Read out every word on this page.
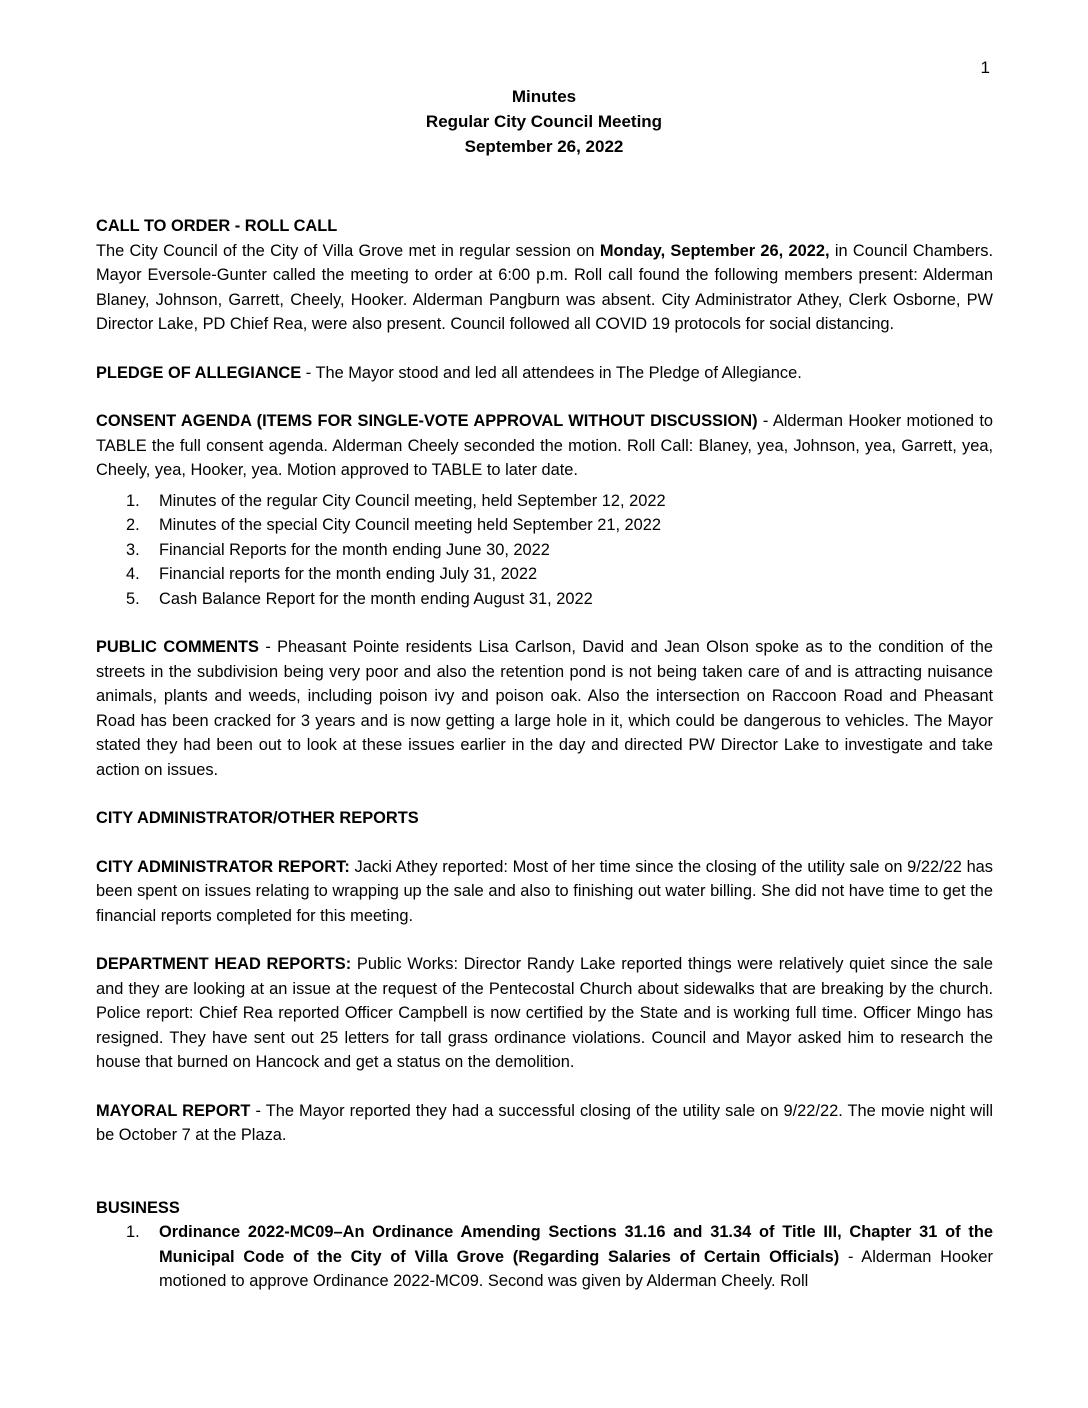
1
Minutes
Regular City Council Meeting
September 26, 2022
CALL TO ORDER - ROLL CALL

The City Council of the City of Villa Grove met in regular session on Monday, September 26, 2022, in Council Chambers. Mayor Eversole-Gunter called the meeting to order at 6:00 p.m. Roll call found the following members present: Alderman Blaney, Johnson, Garrett, Cheely, Hooker. Alderman Pangburn was absent. City Administrator Athey, Clerk Osborne, PW Director Lake, PD Chief Rea, were also present. Council followed all COVID 19 protocols for social distancing.

PLEDGE OF ALLEGIANCE - The Mayor stood and led all attendees in The Pledge of Allegiance.

CONSENT AGENDA (ITEMS FOR SINGLE-VOTE APPROVAL WITHOUT DISCUSSION) - Alderman Hooker motioned to TABLE the full consent agenda. Alderman Cheely seconded the motion. Roll Call: Blaney, yea, Johnson, yea, Garrett, yea, Cheely, yea, Hooker, yea. Motion approved to TABLE to later date.

1. Minutes of the regular City Council meeting, held September 12, 2022
2. Minutes of the special City Council meeting held September 21, 2022
3. Financial Reports for the month ending June 30, 2022
4. Financial reports for the month ending July 31, 2022
5. Cash Balance Report for the month ending August 31, 2022

PUBLIC COMMENTS - Pheasant Pointe residents Lisa Carlson, David and Jean Olson spoke as to the condition of the streets in the subdivision being very poor and also the retention pond is not being taken care of and is attracting nuisance animals, plants and weeds, including poison ivy and poison oak. Also the intersection on Raccoon Road and Pheasant Road has been cracked for 3 years and is now getting a large hole in it, which could be dangerous to vehicles. The Mayor stated they had been out to look at these issues earlier in the day and directed PW Director Lake to investigate and take action on issues.

CITY ADMINISTRATOR/OTHER REPORTS

CITY ADMINISTRATOR REPORT: Jacki Athey reported: Most of her time since the closing of the utility sale on 9/22/22 has been spent on issues relating to wrapping up the sale and also to finishing out water billing. She did not have time to get the financial reports completed for this meeting.

DEPARTMENT HEAD REPORTS: Public Works: Director Randy Lake reported things were relatively quiet since the sale and they are looking at an issue at the request of the Pentecostal Church about sidewalks that are breaking by the church. Police report: Chief Rea reported Officer Campbell is now certified by the State and is working full time. Officer Mingo has resigned. They have sent out 25 letters for tall grass ordinance violations. Council and Mayor asked him to research the house that burned on Hancock and get a status on the demolition.

MAYORAL REPORT - The Mayor reported they had a successful closing of the utility sale on 9/22/22. The movie night will be October 7 at the Plaza.

BUSINESS
1. Ordinance 2022-MC09–An Ordinance Amending Sections 31.16 and 31.34 of Title III, Chapter 31 of the Municipal Code of the City of Villa Grove (Regarding Salaries of Certain Officials) - Alderman Hooker motioned to approve Ordinance 2022-MC09. Second was given by Alderman Cheely. Roll
